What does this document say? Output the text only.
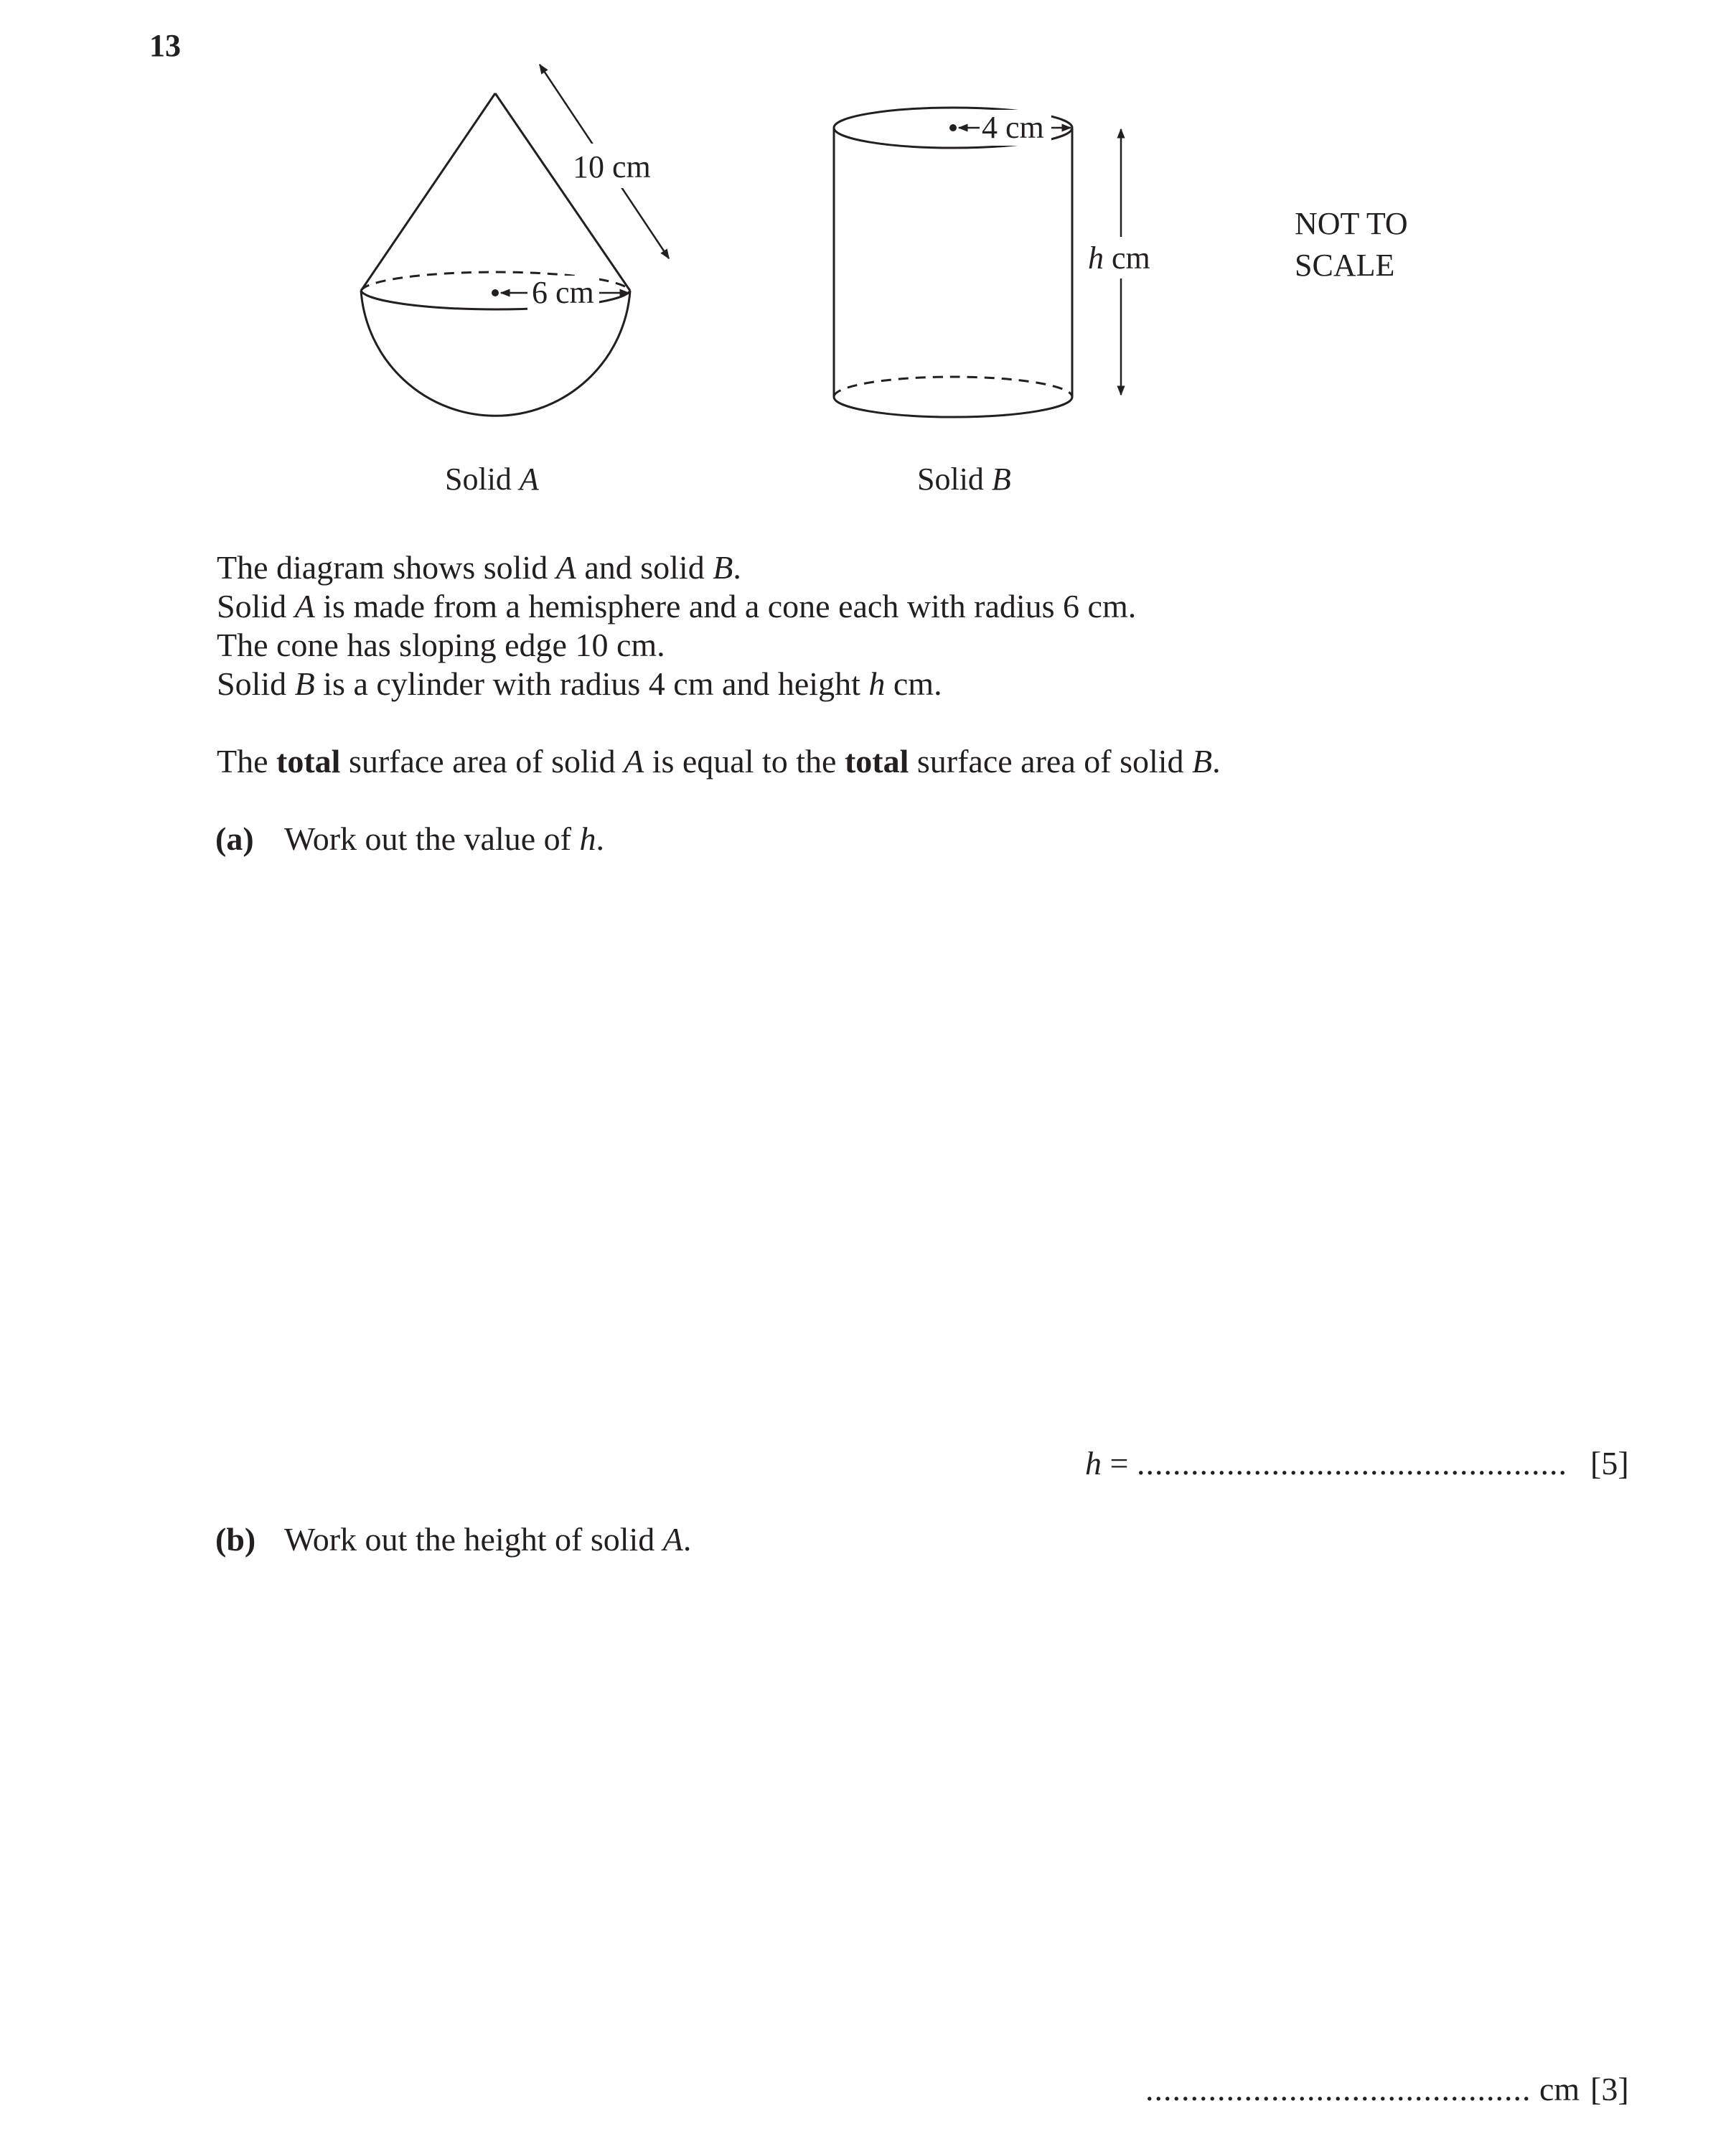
13
10 cm
6 cm
4 cm
h cm
NOT TO
SCALE
Solid A	Solid B
The diagram shows solid A and solid B.
Solid A is made from a hemisphere and a cone each with radius 6 cm.
The cone has sloping edge 10 cm.
Solid B is a cylinder with radius 4 cm and height h cm.
The total surface area of solid A is equal to the total surface area of solid B.
(a) Work out the value of h.
h = ................................................ [5]
(b) Work out the height of solid A.
........................................... cm [3]
